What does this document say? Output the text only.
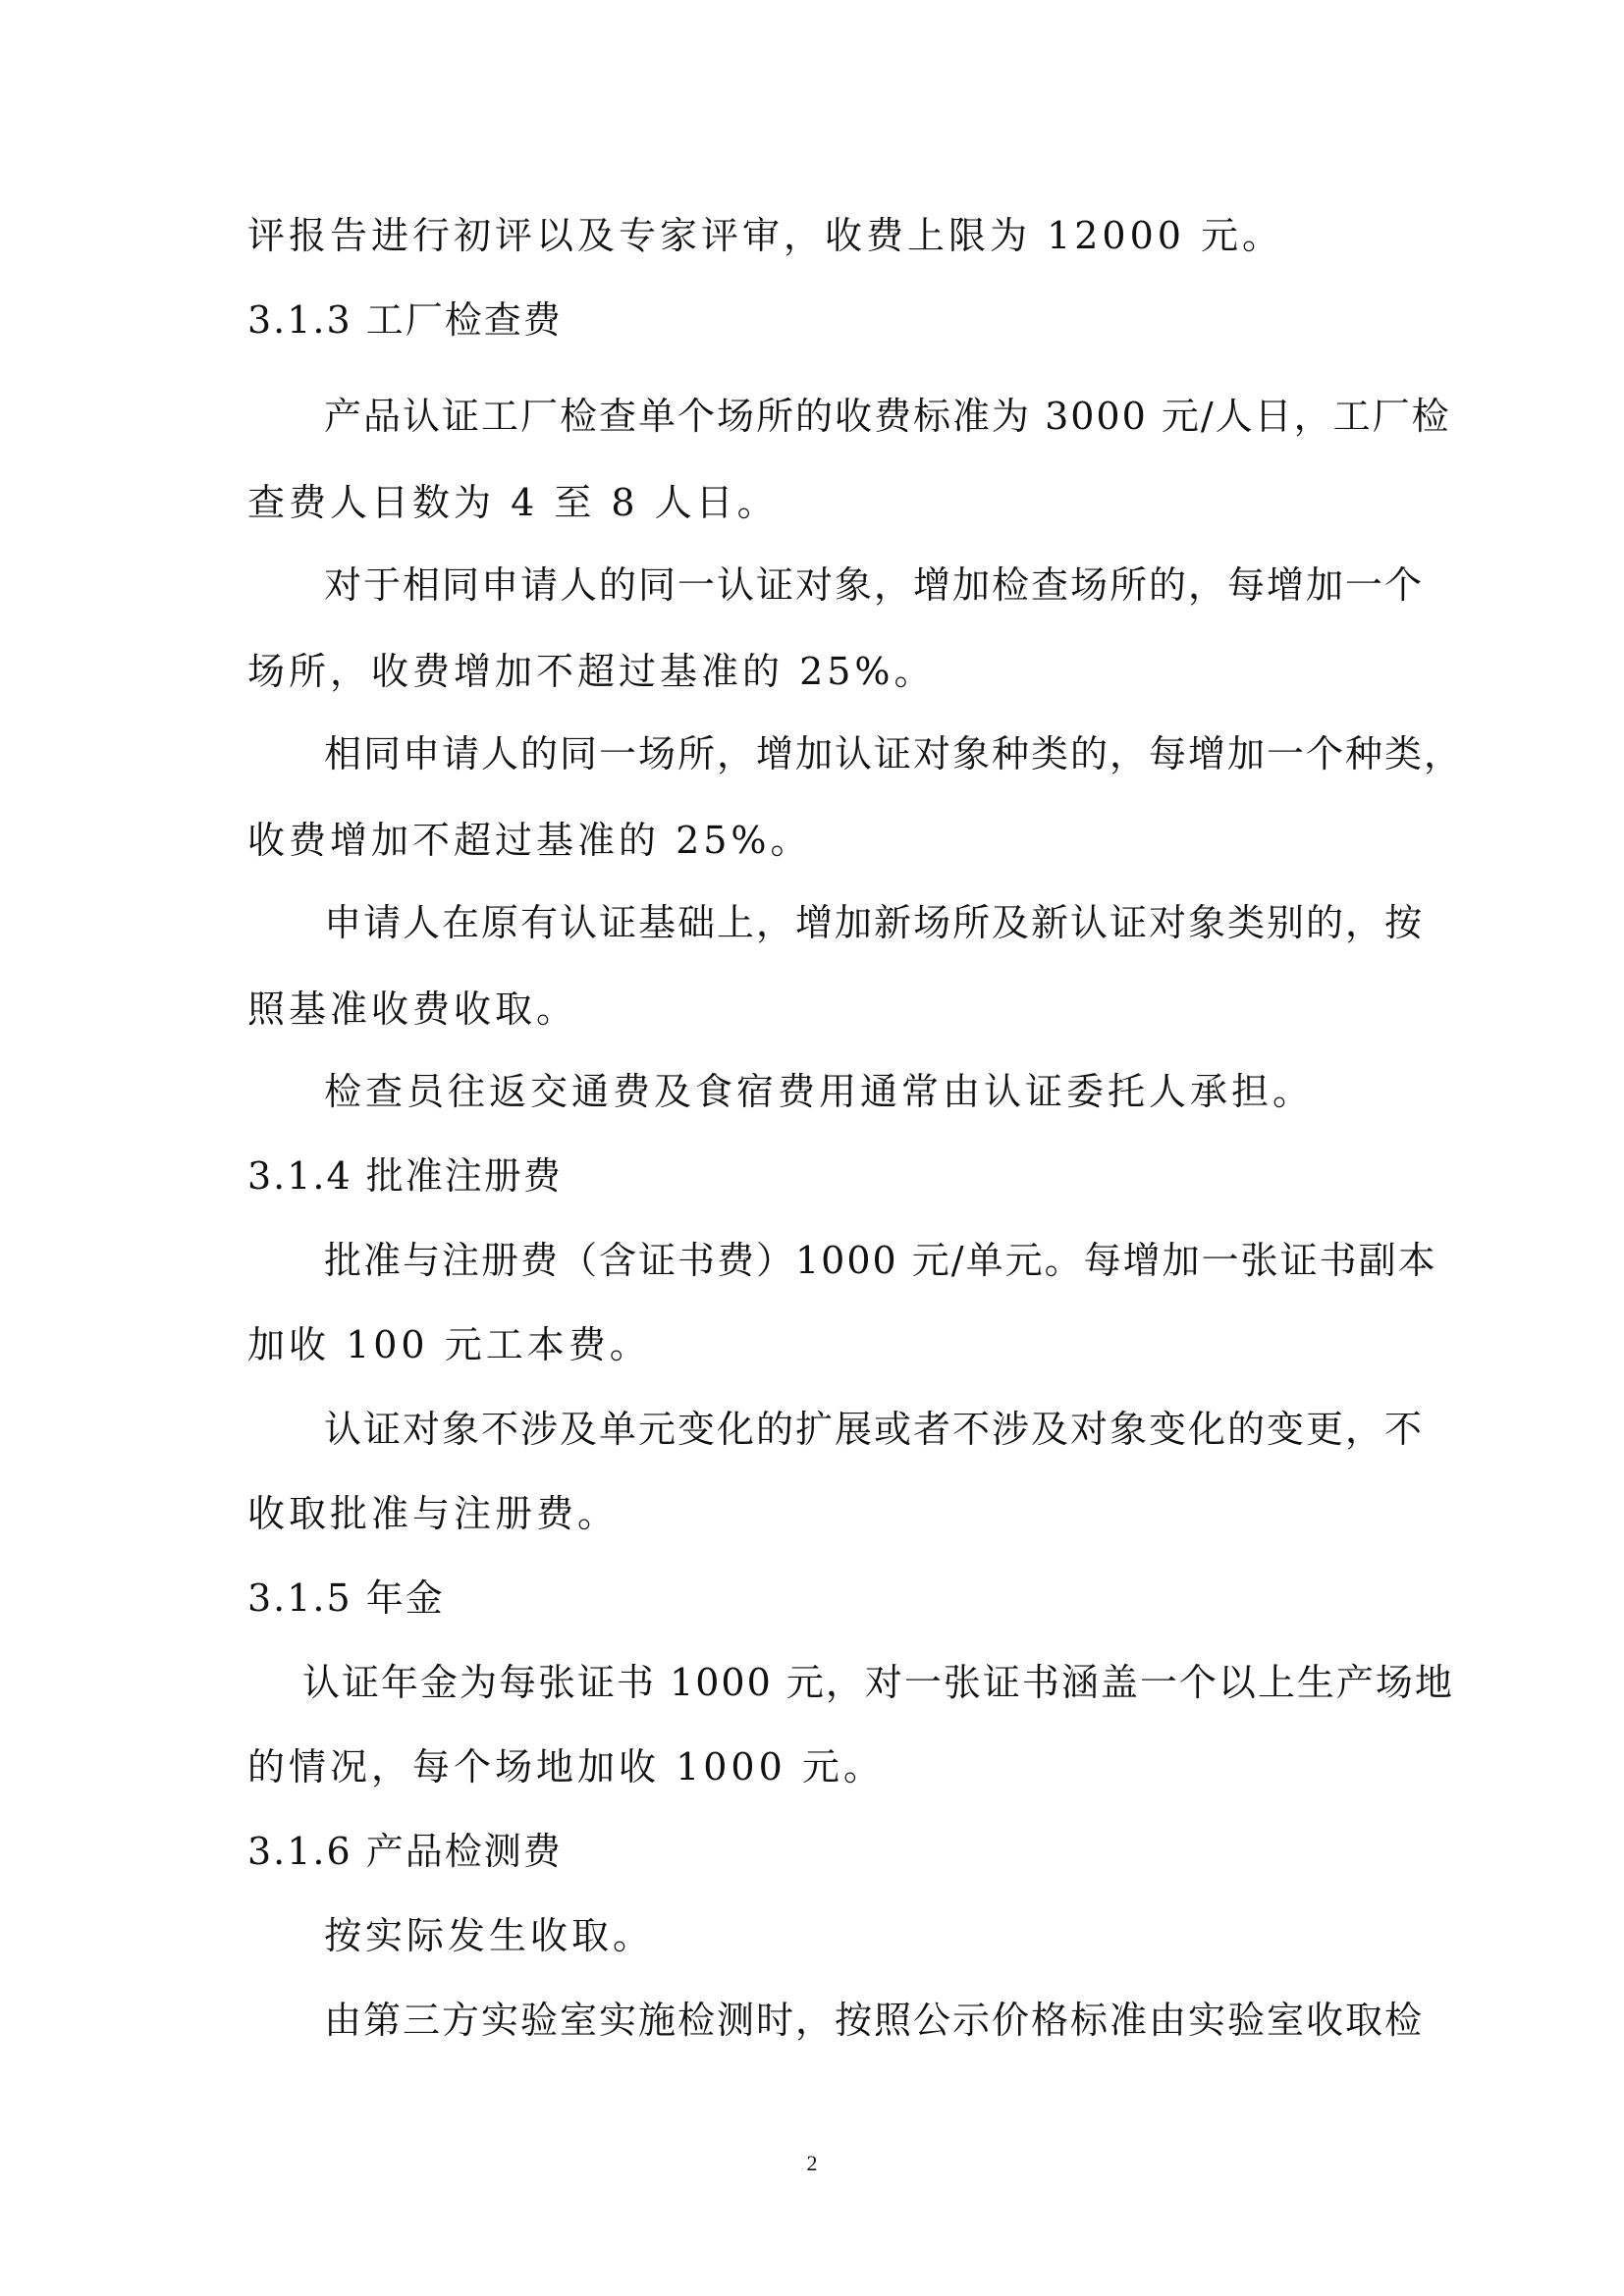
评报告进行初评以及专家评审，收费上限为 12000 元。
3.1.3 工厂检查费
产品认证工厂检查单个场所的收费标准为 3000 元/人日，工厂检
查费人日数为 4 至 8 人日。
对于相同申请人的同一认证对象，增加检查场所的，每增加一个
场所，收费增加不超过基准的 25%。
相同申请人的同一场所，增加认证对象种类的，每增加一个种类，
收费增加不超过基准的 25%。
申请人在原有认证基础上，增加新场所及新认证对象类别的，按
照基准收费收取。
检查员往返交通费及食宿费用通常由认证委托人承担。
3.1.4 批准注册费
批准与注册费（含证书费）1000 元/单元。每增加一张证书副本
加收 100 元工本费。
认证对象不涉及单元变化的扩展或者不涉及对象变化的变更，不
收取批准与注册费。
3.1.5 年金
认证年金为每张证书 1000 元，对一张证书涵盖一个以上生产场地
的情况，每个场地加收 1000 元。
3.1.6 产品检测费
按实际发生收取。
由第三方实验室实施检测时，按照公示价格标准由实验室收取检
2
